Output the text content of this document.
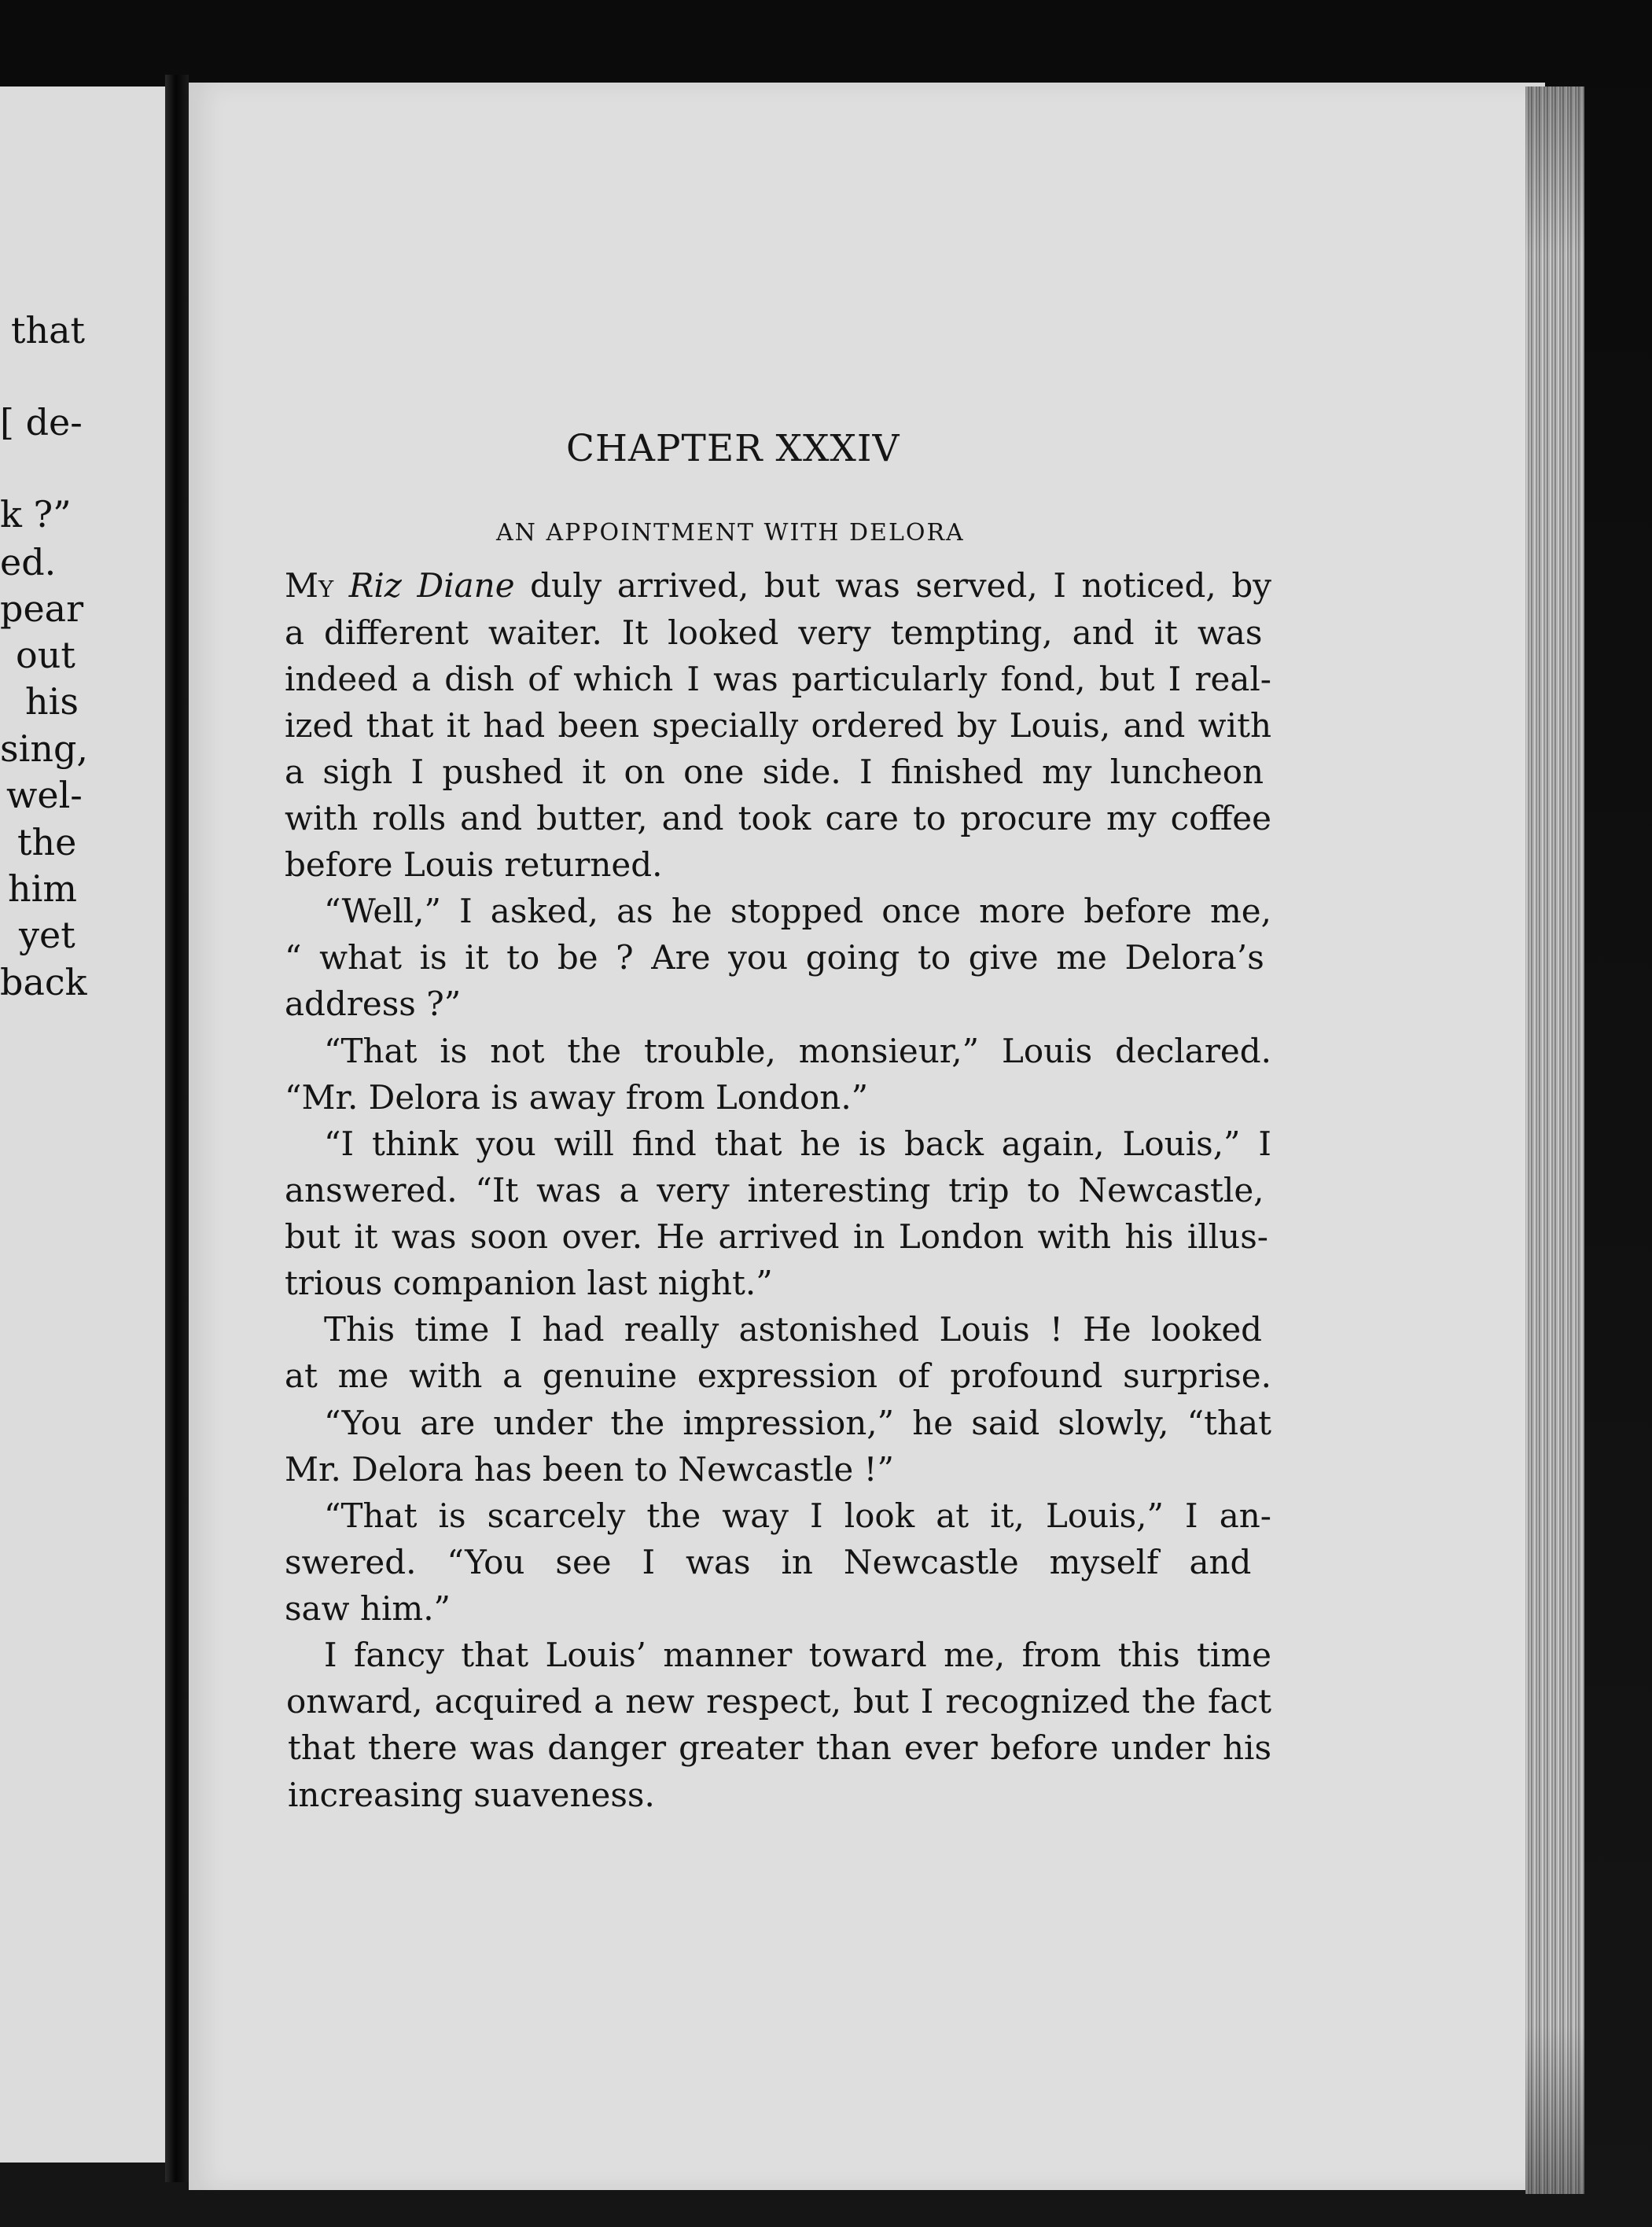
that
[ de-
k ?”
ed.
pear
out
his
sing,
wel-
the
him
yet
back
CHAPTER XXXIV
AN APPOINTMENT WITH DELORA
My Riz Diane duly arrived, but was served, I noticed, by
a different waiter. It looked very tempting, and it was
indeed a dish of which I was particularly fond, but I real-
ized that it had been specially ordered by Louis, and with
a sigh I pushed it on one side. I finished my luncheon
with rolls and butter, and took care to procure my coffee
before Louis returned.
“Well,” I asked, as he stopped once more before me,
“ what is it to be ? Are you going to give me Delora’s
address ?”
“That is not the trouble, monsieur,” Louis declared.
“Mr. Delora is away from London.”
“I think you will find that he is back again, Louis,” I
answered. “It was a very interesting trip to Newcastle,
but it was soon over. He arrived in London with his illus-
trious companion last night.”
This time I had really astonished Louis ! He looked
at me with a genuine expression of profound surprise.
“You are under the impression,” he said slowly, “that
Mr. Delora has been to Newcastle !”
“That is scarcely the way I look at it, Louis,” I an-
swered. “You see I was in Newcastle myself and
saw him.”
I fancy that Louis’ manner toward me, from this time
onward, acquired a new respect, but I recognized the fact
that there was danger greater than ever before under his
increasing suaveness.
